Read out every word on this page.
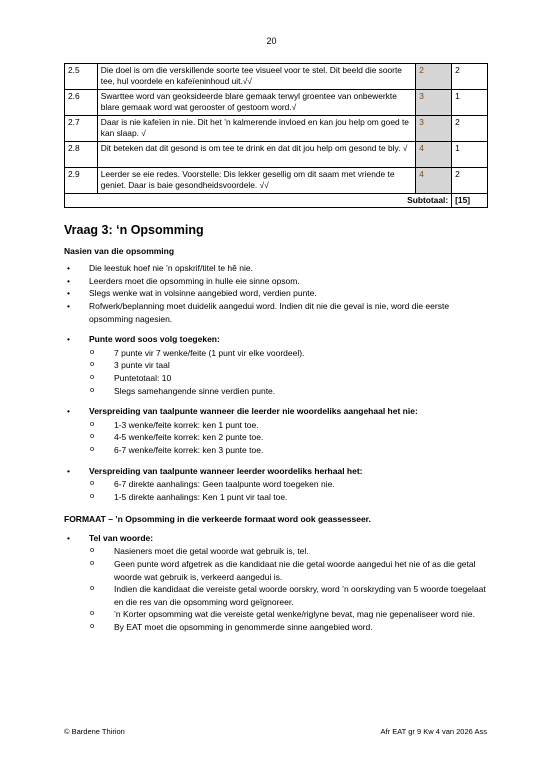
20
2.5	Die doel is om die verskillende soorte tee visueel voor te stel. Dit beeld die soorte tee, hul voordele en kafeïeninhoud uit.√√	2	2
2.6	Swarttee word van geoksideerde blare gemaak terwyl groentee van onbewerkte blare gemaak word wat gerooster of gestoom word.√	3	1
2.7	Daar is nie kafeïen in nie. Dit het ’n kalmerende invloed en kan jou help om goed te kan slaap. √	3	2
2.8	Dit beteken dat dit gesond is om tee te drink en dat dit jou help om gesond te bly. √	4	1
2.9	Leerder se eie redes. Voorstelle: Dis lekker gesellig om dit saam met vriende te geniet. Daar is baie gesondheidsvoordele. √√	4	2
Subtotaal:			[15]
Vraag 3: ‘n Opsomming
Nasien van die opsomming
• Die leestuk hoef nie ’n opskrif/titel te hê nie.
• Leerders moet die opsomming in hulle eie sinne opsom.
• Slegs wenke wat in volsinne aangebied word, verdien punte.
• Rofwerk/beplanning moet duidelik aangedui word. Indien dit nie die geval is nie, word die eerste opsomming nagesien.
• Punte word soos volg toegeken:
o 7 punte vir 7 wenke/feite (1 punt vir elke voordeel).
o 3 punte vir taal
o Puntetotaal: 10
o Slegs samehangende sinne verdien punte.
• Verspreiding van taalpunte wanneer die leerder nie woordeliks aangehaal het nie:
o 1-3 wenke/feite korrek: ken 1 punt toe.
o 4-5 wenke/feite korrek: ken 2 punte toe.
o 6-7 wenke/feite korrek: ken 3 punte toe.
• Verspreiding van taalpunte wanneer leerder woordeliks herhaal het:
o 6-7 direkte aanhalings: Geen taalpunte word toegeken nie.
o 1-5 direkte aanhalings: Ken 1 punt vir taal toe.
FORMAAT – ’n Opsomming in die verkeerde formaat word ook geassesseer.
• Tel van woorde:
o Nasieners moet die getal woorde wat gebruik is, tel.
o Geen punte word afgetrek as die kandidaat nie die getal woorde aangedui het nie of as die getal woorde wat gebruik is, verkeerd aangedui is.
o Indien die kandidaat die vereiste getal woorde oorskry, word ’n oorskryding van 5 woorde toegelaat en die res van die opsomming word geïgnoreer.
o ’n Korter opsomming wat die vereiste getal wenke/riglyne bevat, mag nie gepenaliseer word nie.
o By EAT moet die opsomming in genommerde sinne aangebied word.
© Bardene Thirion	Afr EAT gr 9 Kw 4 van 2026 Ass
